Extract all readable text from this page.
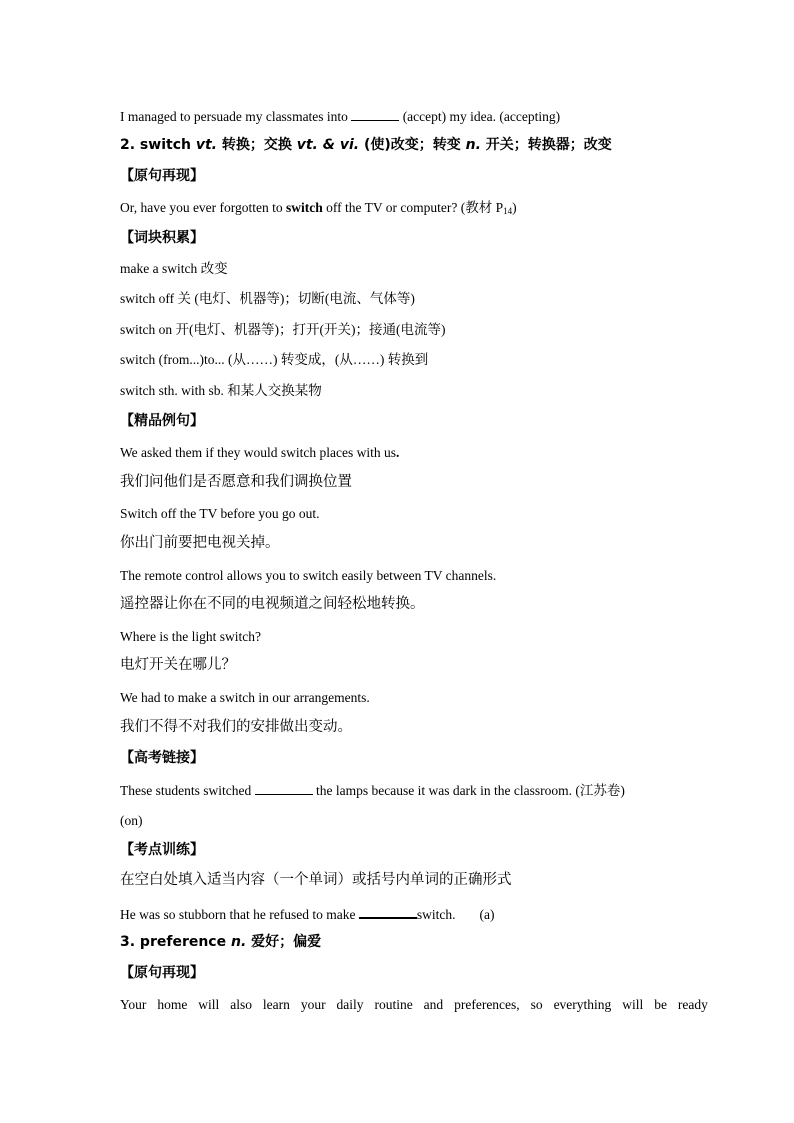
I managed to persuade my classmates into	(accept) my idea. (accepting)
2. switch vt. 转换；交换 vt. & vi. (使)改变；转变 n. 开关；转换器；改变
【原句再现】
Or, have you ever forgotten to switch off the TV or computer? (教材 $P_{14}$)
【词块积累】
make a switch 改变
switch off 关 (电灯、机器等)；切断(电流、气体等)
switch on 开(电灯、机器等)；打开(开关)；接通(电流等)
switch (from...)to... (从……) 转变成，(从……) 转换到
switch sth. with sb. 和某人交换某物
【精品例句】
We asked them if they would switch places with us.
我们问他们是否愿意和我们调换位置
Switch off the TV before you go out.
你出门前要把电视关掉。
The remote control allows you to switch easily between TV channels.
遥控器让你在不同的电视频道之间轻松地转换。
Where is the light switch?
电灯开关在哪儿？
We had to make a switch in our arrangements.
我们不得不对我们的安排做出变动。
【高考链接】
These students switched	the lamps because it was dark in the classroom. (江苏卷)
(on)
【考点训练】
在空白处填入适当内容（一个单词）或括号内单词的正确形式
He was so stubborn that he refused to make	switch. (a)
3. preference n. 爱好；偏爱
【原句再现】
Your home will also learn your daily routine and preferences, so everything will be ready
